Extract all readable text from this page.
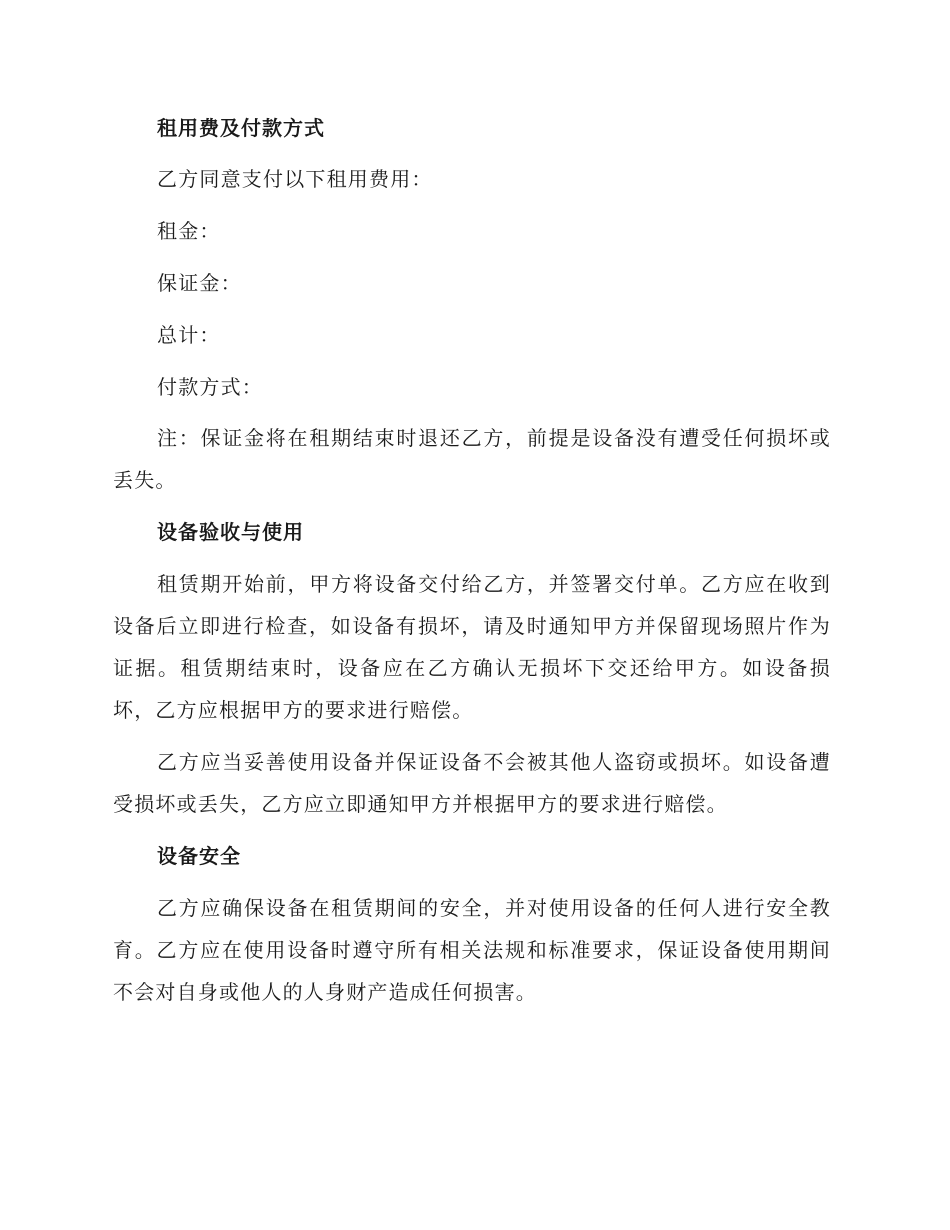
租用费及付款方式

乙方同意支付以下租用费用：

租金：

保证金：

总计：

付款方式：

注：保证金将在租期结束时退还乙方，前提是设备没有遭受任何损坏或丢失。

设备验收与使用

租赁期开始前，甲方将设备交付给乙方，并签署交付单。乙方应在收到设备后立即进行检查，如设备有损坏，请及时通知甲方并保留现场照片作为证据。租赁期结束时，设备应在乙方确认无损坏下交还给甲方。如设备损坏，乙方应根据甲方的要求进行赔偿。

乙方应当妥善使用设备并保证设备不会被其他人盗窃或损坏。如设备遭受损坏或丢失，乙方应立即通知甲方并根据甲方的要求进行赔偿。

设备安全

乙方应确保设备在租赁期间的安全，并对使用设备的任何人进行安全教育。乙方应在使用设备时遵守所有相关法规和标准要求，保证设备使用期间不会对自身或他人的人身财产造成任何损害。
